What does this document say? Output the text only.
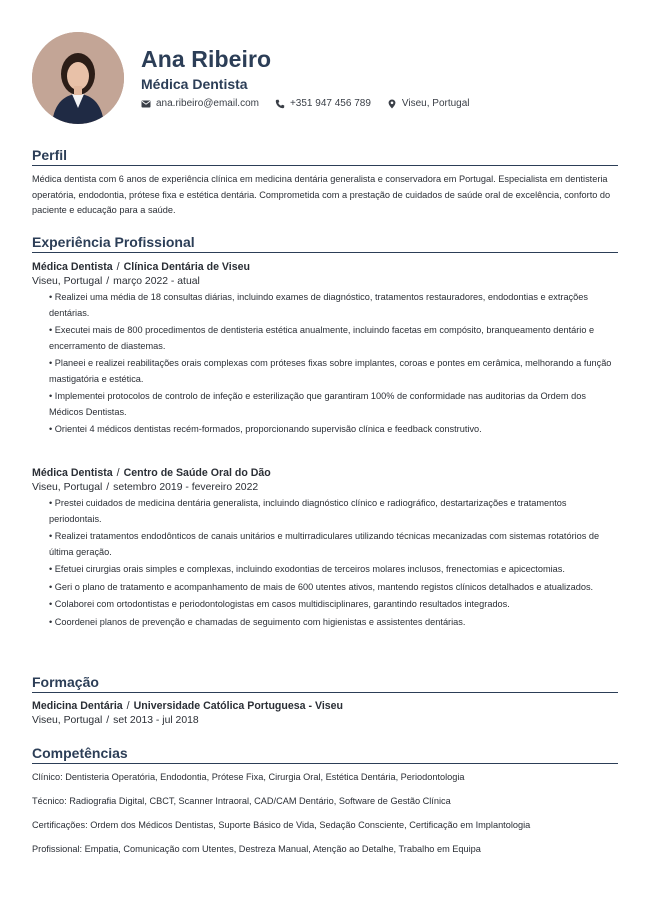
Ana Ribeiro
Médica Dentista
ana.ribeiro@email.com	+351 947 456 789	Viseu, Portugal
Perfil
Médica dentista com 6 anos de experiência clínica em medicina dentária generalista e conservadora em Portugal. Especialista em dentisteria operatória, endodontia, prótese fixa e estética dentária. Comprometida com a prestação de cuidados de saúde oral de excelência, conforto do paciente e educação para a saúde.
Experiência Profissional
Médica Dentista / Clínica Dentária de Viseu
Viseu, Portugal / março 2022 - atual
• Realizei uma média de 18 consultas diárias, incluindo exames de diagnóstico, tratamentos restauradores, endodontias e extrações dentárias.
• Executei mais de 800 procedimentos de dentisteria estética anualmente, incluindo facetas em compósito, branqueamento dentário e encerramento de diastemas.
• Planeei e realizei reabilitações orais complexas com próteses fixas sobre implantes, coroas e pontes em cerâmica, melhorando a função mastigatória e estética.
• Implementei protocolos de controlo de infeção e esterilização que garantiram 100% de conformidade nas auditorias da Ordem dos Médicos Dentistas.
• Orientei 4 médicos dentistas recém-formados, proporcionando supervisão clínica e feedback construtivo.
Médica Dentista / Centro de Saúde Oral do Dão
Viseu, Portugal / setembro 2019 - fevereiro 2022
• Prestei cuidados de medicina dentária generalista, incluindo diagnóstico clínico e radiográfico, destartarizações e tratamentos periodontais.
• Realizei tratamentos endodônticos de canais unitários e multirradiculares utilizando técnicas mecanizadas com sistemas rotatórios de última geração.
• Efetuei cirurgias orais simples e complexas, incluindo exodontias de terceiros molares inclusos, frenectomias e apicectomias.
• Geri o plano de tratamento e acompanhamento de mais de 600 utentes ativos, mantendo registos clínicos detalhados e atualizados.
• Colaborei com ortodontistas e periodontologistas em casos multidisciplinares, garantindo resultados integrados.
• Coordenei planos de prevenção e chamadas de seguimento com higienistas e assistentes dentárias.
Formação
Medicina Dentária / Universidade Católica Portuguesa - Viseu
Viseu, Portugal / set 2013 - jul 2018
Competências
Clínico: Dentisteria Operatória, Endodontia, Prótese Fixa, Cirurgia Oral, Estética Dentária, Periodontologia
Técnico: Radiografia Digital, CBCT, Scanner Intraoral, CAD/CAM Dentário, Software de Gestão Clínica
Certificações: Ordem dos Médicos Dentistas, Suporte Básico de Vida, Sedação Consciente, Certificação em Implantologia
Profissional: Empatia, Comunicação com Utentes, Destreza Manual, Atenção ao Detalhe, Trabalho em Equipa
